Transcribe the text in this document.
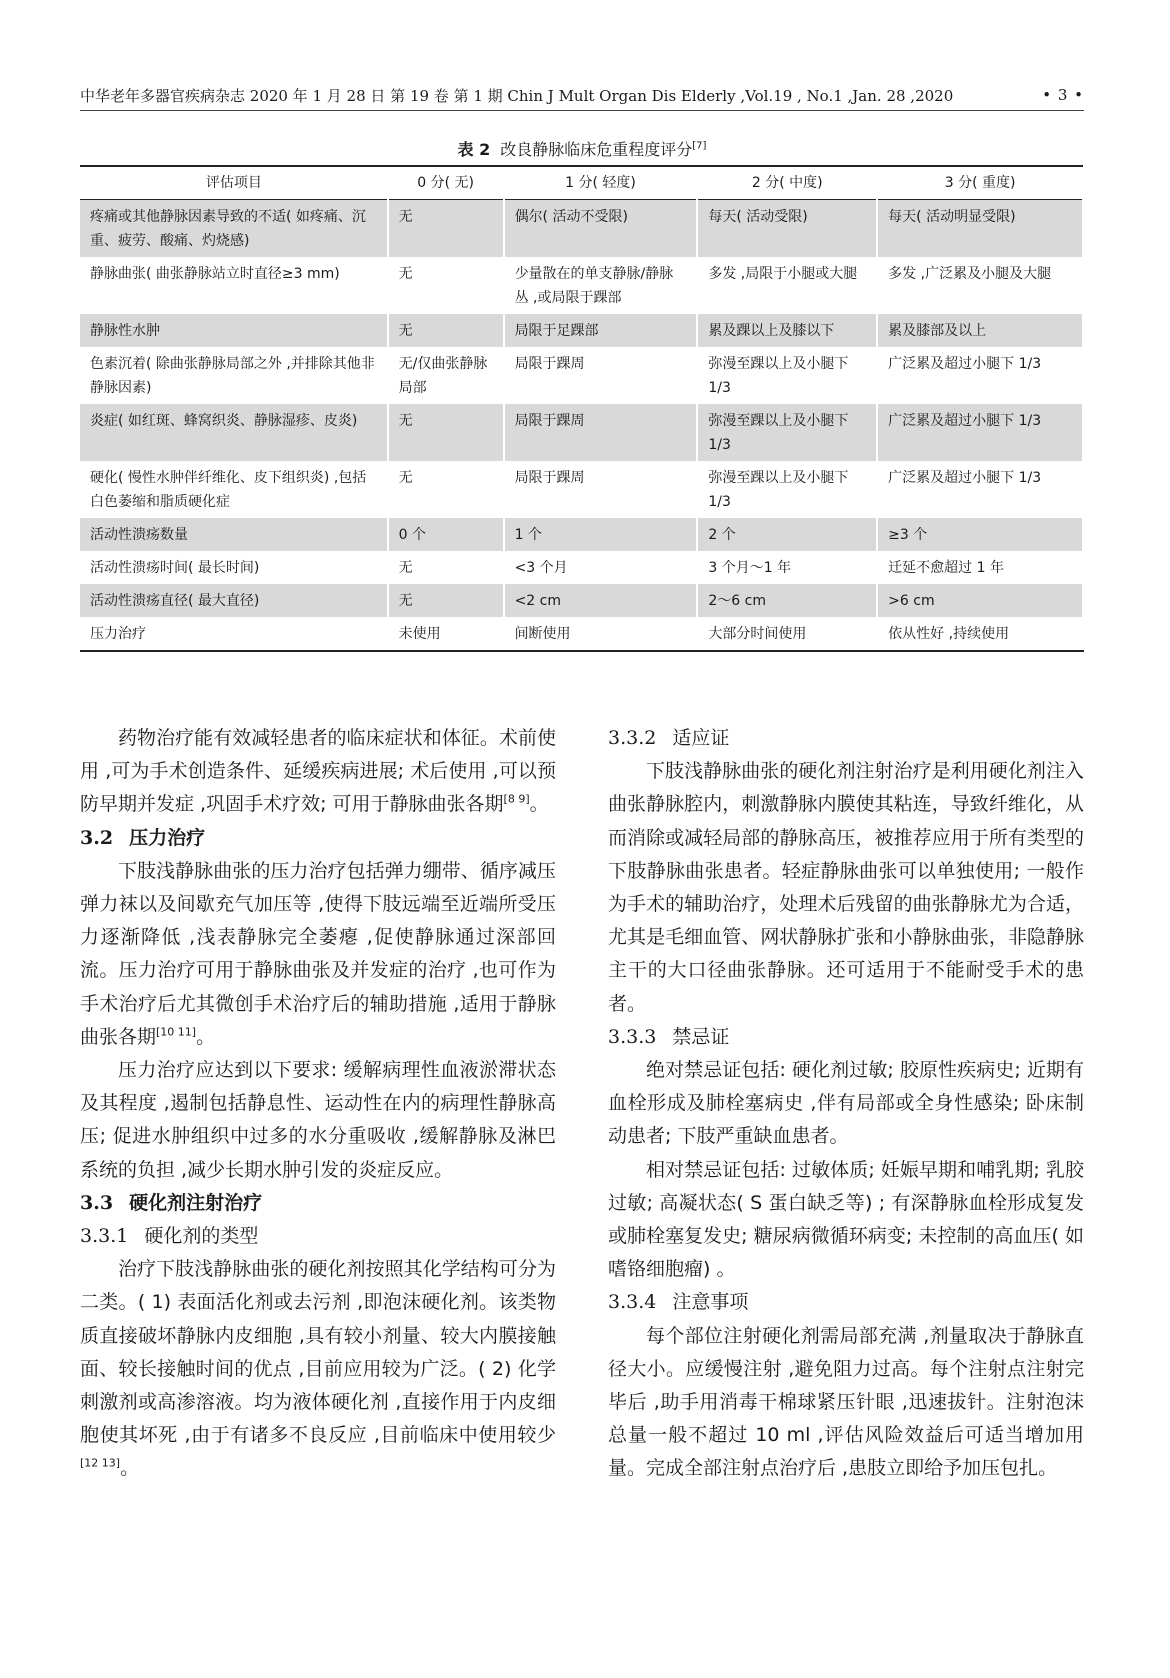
中华老年多器官疾病杂志 2020 年 1 月 28 日 第 19 卷 第 1 期 Chin J Mult Organ Dis Elderly ,Vol.19 , No.1 ,Jan. 28 ,2020	• 3 •
表 2 改良静脉临床危重程度评分[7]
评估项目	0 分( 无)	1 分( 轻度)	2 分( 中度)	3 分( 重度)
疼痛或其他静脉因素导致的不适( 如疼痛、沉重、疲劳、酸痛、灼烧感)	无	偶尔( 活动不受限)	每天( 活动受限)	每天( 活动明显受限)
静脉曲张( 曲张静脉站立时直径≥3 mm)	无	少量散在的单支静脉/静脉丛 ,或局限于踝部	多发 ,局限于小腿或大腿	多发 ,广泛累及小腿及大腿
静脉性水肿	无	局限于足踝部	累及踝以上及膝以下	累及膝部及以上
色素沉着( 除曲张静脉局部之外 ,并排除其他非静脉因素)	无/仅曲张静脉局部	局限于踝周	弥漫至踝以上及小腿下 1/3	广泛累及超过小腿下 1/3
炎症( 如红斑、蜂窝织炎、静脉湿疹、皮炎)	无	局限于踝周	弥漫至踝以上及小腿下 1/3	广泛累及超过小腿下 1/3
硬化( 慢性水肿伴纤维化、皮下组织炎) ,包括白色萎缩和脂质硬化症	无	局限于踝周	弥漫至踝以上及小腿下 1/3	广泛累及超过小腿下 1/3
活动性溃疡数量	0 个	1 个	2 个	≥3 个
活动性溃疡时间( 最长时间)	无	<3 个月	3 个月～1 年	迁延不愈超过 1 年
活动性溃疡直径( 最大直径)	无	<2 cm	2～6 cm	>6 cm
压力治疗	未使用	间断使用	大部分时间使用	依从性好 ,持续使用

药物治疗能有效减轻患者的临床症状和体征。术前使用 ,可为手术创造条件、延缓疾病进展; 术后使用 ,可以预防早期并发症 ,巩固手术疗效; 可用于静脉曲张各期[8 9]。

3.2 压力治疗

下肢浅静脉曲张的压力治疗包括弹力绷带、循序减压弹力袜以及间歇充气加压等 ,使得下肢远端至近端所受压力逐渐降低 ,浅表静脉完全萎瘪 ,促使静脉通过深部回流。压力治疗可用于静脉曲张及并发症的治疗 ,也可作为手术治疗后尤其微创手术治疗后的辅助措施 ,适用于静脉曲张各期[10 11]。

压力治疗应达到以下要求: 缓解病理性血液淤滞状态及其程度 ,遏制包括静息性、运动性在内的病理性静脉高压; 促进水肿组织中过多的水分重吸收 ,缓解静脉及淋巴系统的负担 ,减少长期水肿引发的炎症反应。

3.3 硬化剂注射治疗
3.3.1 硬化剂的类型

治疗下肢浅静脉曲张的硬化剂按照其化学结构可分为二类。( 1) 表面活化剂或去污剂 ,即泡沫硬化剂。该类物质直接破坏静脉内皮细胞 ,具有较小剂量、较大内膜接触面、较长接触时间的优点 ,目前应用较为广泛。( 2) 化学刺激剂或高渗溶液。均为液体硬化剂 ,直接作用于内皮细胞使其坏死 ,由于有诸多不良反应 ,目前临床中使用较少[12 13]。

3.3.2 适应证

下肢浅静脉曲张的硬化剂注射治疗是利用硬化剂注入曲张静脉腔内，刺激静脉内膜使其粘连，导致纤维化，从而消除或减轻局部的静脉高压，被推荐应用于所有类型的下肢静脉曲张患者。轻症静脉曲张可以单独使用; 一般作为手术的辅助治疗，处理术后残留的曲张静脉尤为合适，尤其是毛细血管、网状静脉扩张和小静脉曲张，非隐静脉主干的大口径曲张静脉。还可适用于不能耐受手术的患者。

3.3.3 禁忌证

绝对禁忌证包括: 硬化剂过敏; 胶原性疾病史; 近期有血栓形成及肺栓塞病史 ,伴有局部或全身性感染; 卧床制动患者; 下肢严重缺血患者。

相对禁忌证包括: 过敏体质; 妊娠早期和哺乳期; 乳胶过敏; 高凝状态( S 蛋白缺乏等) ; 有深静脉血栓形成复发或肺栓塞复发史; 糖尿病微循环病变; 未控制的高血压( 如嗜铬细胞瘤) 。

3.3.4 注意事项

每个部位注射硬化剂需局部充满 ,剂量取决于静脉直径大小。应缓慢注射 ,避免阻力过高。每个注射点注射完毕后 ,助手用消毒干棉球紧压针眼 ,迅速拔针。注射泡沫总量一般不超过 10 ml ,评估风险效益后可适当增加用量。完成全部注射点治疗后 ,患肢立即给予加压包扎。
